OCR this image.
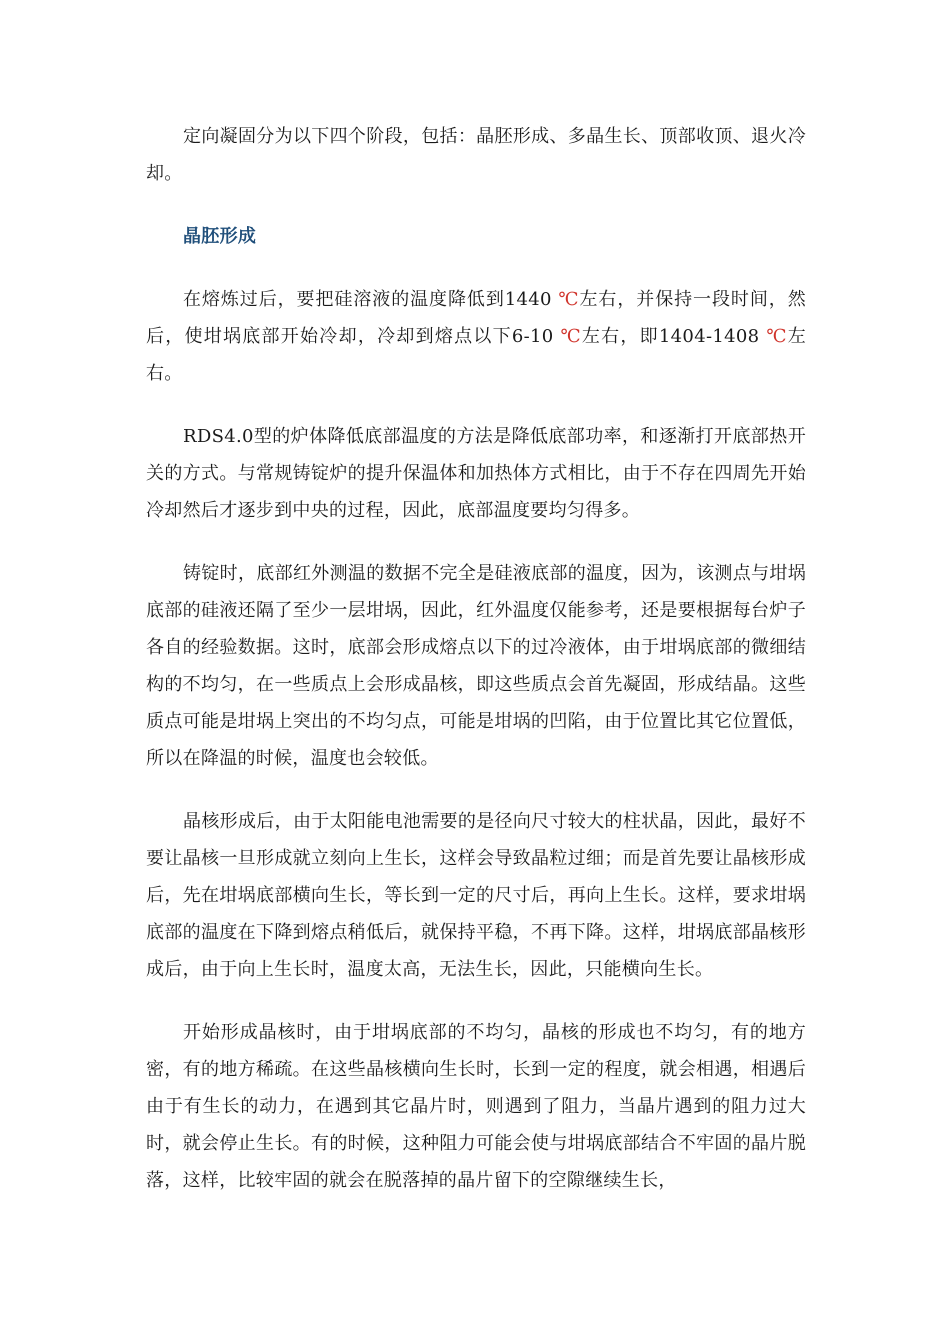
定向凝固分为以下四个阶段，包括：晶胚形成、多晶生长、顶部收顶、退火冷却。

晶胚形成

在熔炼过后，要把硅溶液的温度降低到1440 ℃左右，并保持一段时间，然后，使坩埚底部开始冷却，冷却到熔点以下6-10 ℃左右，即1404-1408 ℃左右。

RDS4.0型的炉体降低底部温度的方法是降低底部功率，和逐渐打开底部热开关的方式。与常规铸锭炉的提升保温体和加热体方式相比，由于不存在四周先开始冷却然后才逐步到中央的过程，因此，底部温度要均匀得多。

铸锭时，底部红外测温的数据不完全是硅液底部的温度，因为，该测点与坩埚底部的硅液还隔了至少一层坩埚，因此，红外温度仅能参考，还是要根据每台炉子各自的经验数据。这时，底部会形成熔点以下的过冷液体，由于坩埚底部的微细结构的不均匀，在一些质点上会形成晶核，即这些质点会首先凝固，形成结晶。这些质点可能是坩埚上突出的不均匀点，可能是坩埚的凹陷，由于位置比其它位置低，所以在降温的时候，温度也会较低。

晶核形成后，由于太阳能电池需要的是径向尺寸较大的柱状晶，因此，最好不要让晶核一旦形成就立刻向上生长，这样会导致晶粒过细；而是首先要让晶核形成后，先在坩埚底部横向生长，等长到一定的尺寸后，再向上生长。这样，要求坩埚底部的温度在下降到熔点稍低后，就保持平稳，不再下降。这样，坩埚底部晶核形成后，由于向上生长时，温度太高，无法生长，因此，只能横向生长。

开始形成晶核时，由于坩埚底部的不均匀，晶核的形成也不均匀，有的地方密，有的地方稀疏。在这些晶核横向生长时，长到一定的程度，就会相遇，相遇后由于有生长的动力，在遇到其它晶片时，则遇到了阻力，当晶片遇到的阻力过大时，就会停止生长。有的时候，这种阻力可能会使与坩埚底部结合不牢固的晶片脱落，这样，比较牢固的就会在脱落掉的晶片留下的空隙继续生长，
